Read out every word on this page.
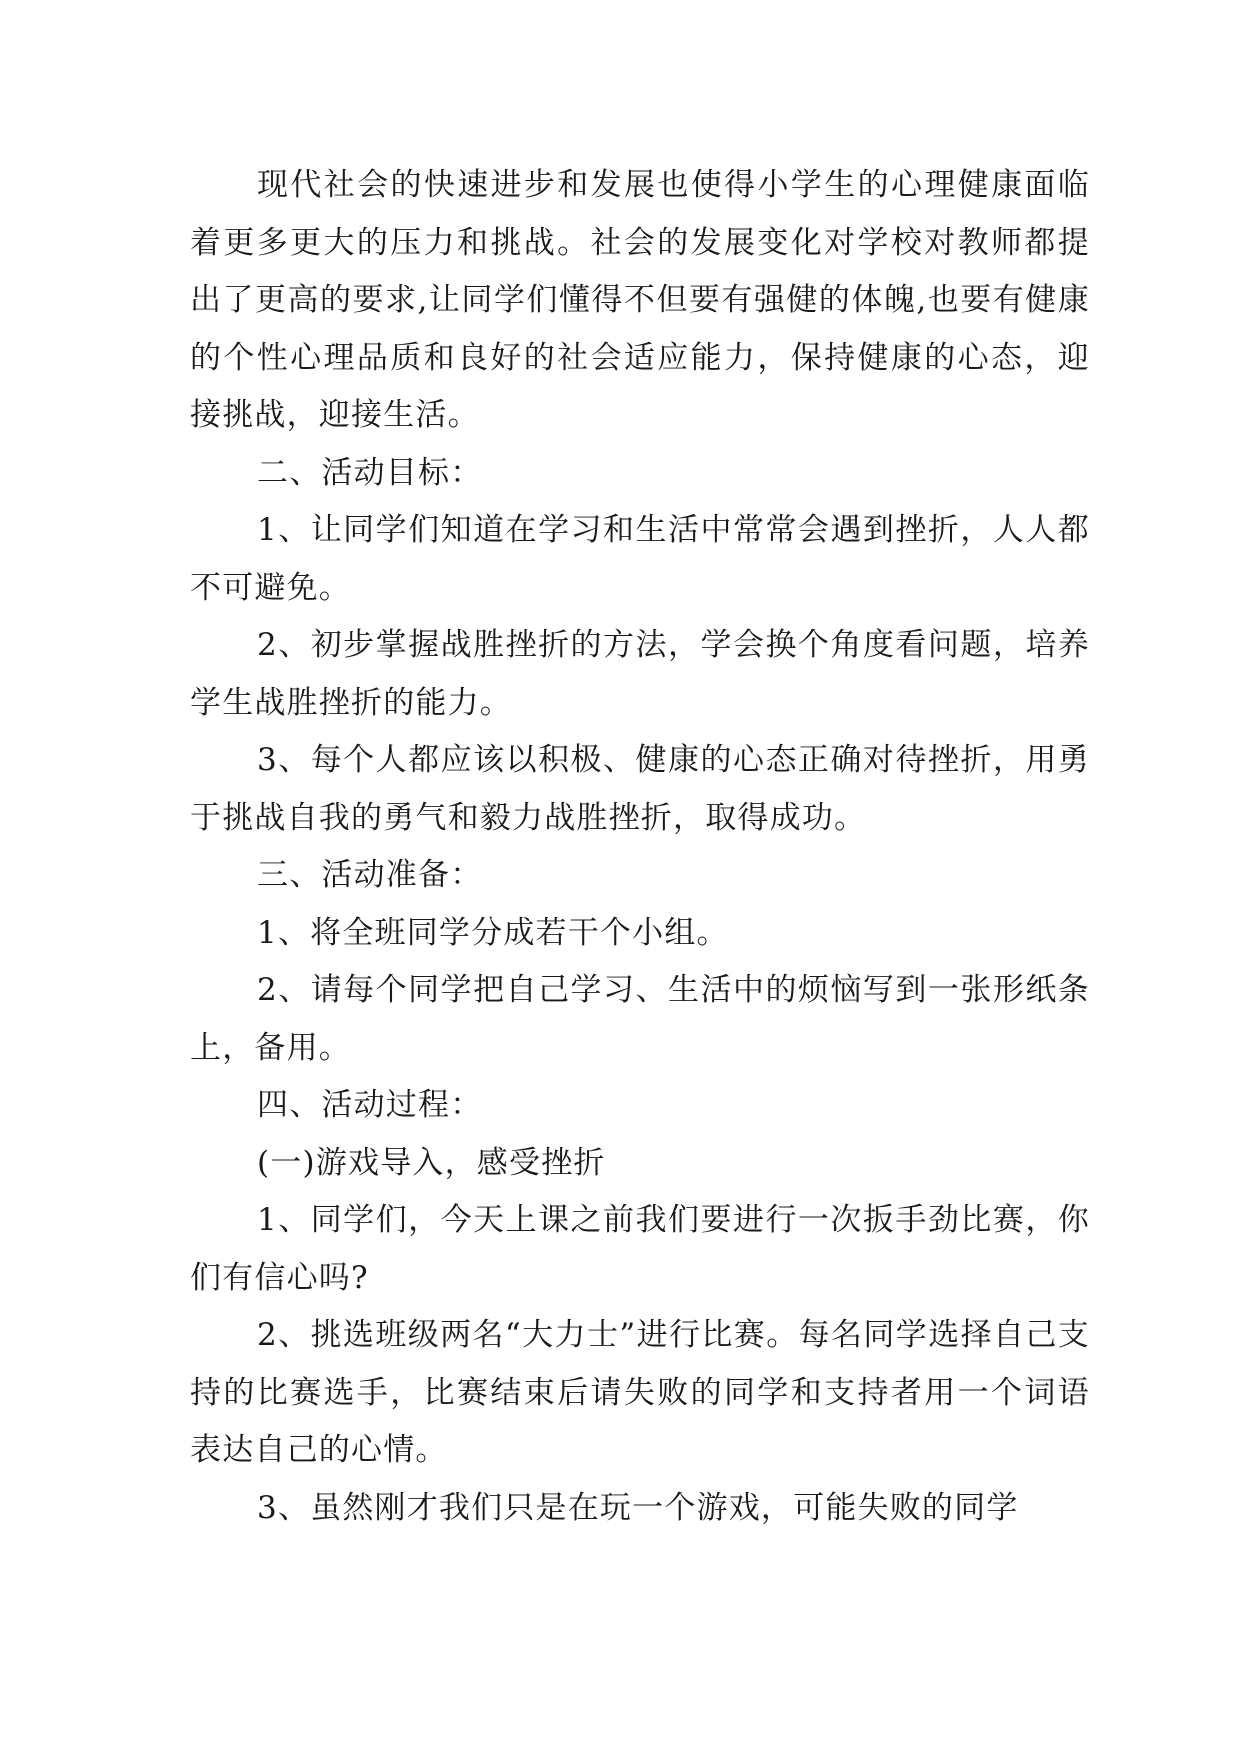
现代社会的快速进步和发展也使得小学生的心理健康面临着更多更大的压力和挑战。社会的发展变化对学校对教师都提出了更高的要求,让同学们懂得不但要有强健的体魄,也要有健康的个性心理品质和良好的社会适应能力，保持健康的心态，迎接挑战，迎接生活。

二、活动目标：

1、让同学们知道在学习和生活中常常会遇到挫折，人人都不可避免。

2、初步掌握战胜挫折的方法，学会换个角度看问题，培养学生战胜挫折的能力。

3、每个人都应该以积极、健康的心态正确对待挫折，用勇于挑战自我的勇气和毅力战胜挫折，取得成功。

三、活动准备：

1、将全班同学分成若干个小组。

2、请每个同学把自己学习、生活中的烦恼写到一张形纸条上，备用。

四、活动过程：

(一)游戏导入，感受挫折

1、同学们，今天上课之前我们要进行一次扳手劲比赛，你们有信心吗?

2、挑选班级两名“大力士”进行比赛。每名同学选择自己支持的比赛选手，比赛结束后请失败的同学和支持者用一个词语表达自己的心情。

3、虽然刚才我们只是在玩一个游戏，可能失败的同学
